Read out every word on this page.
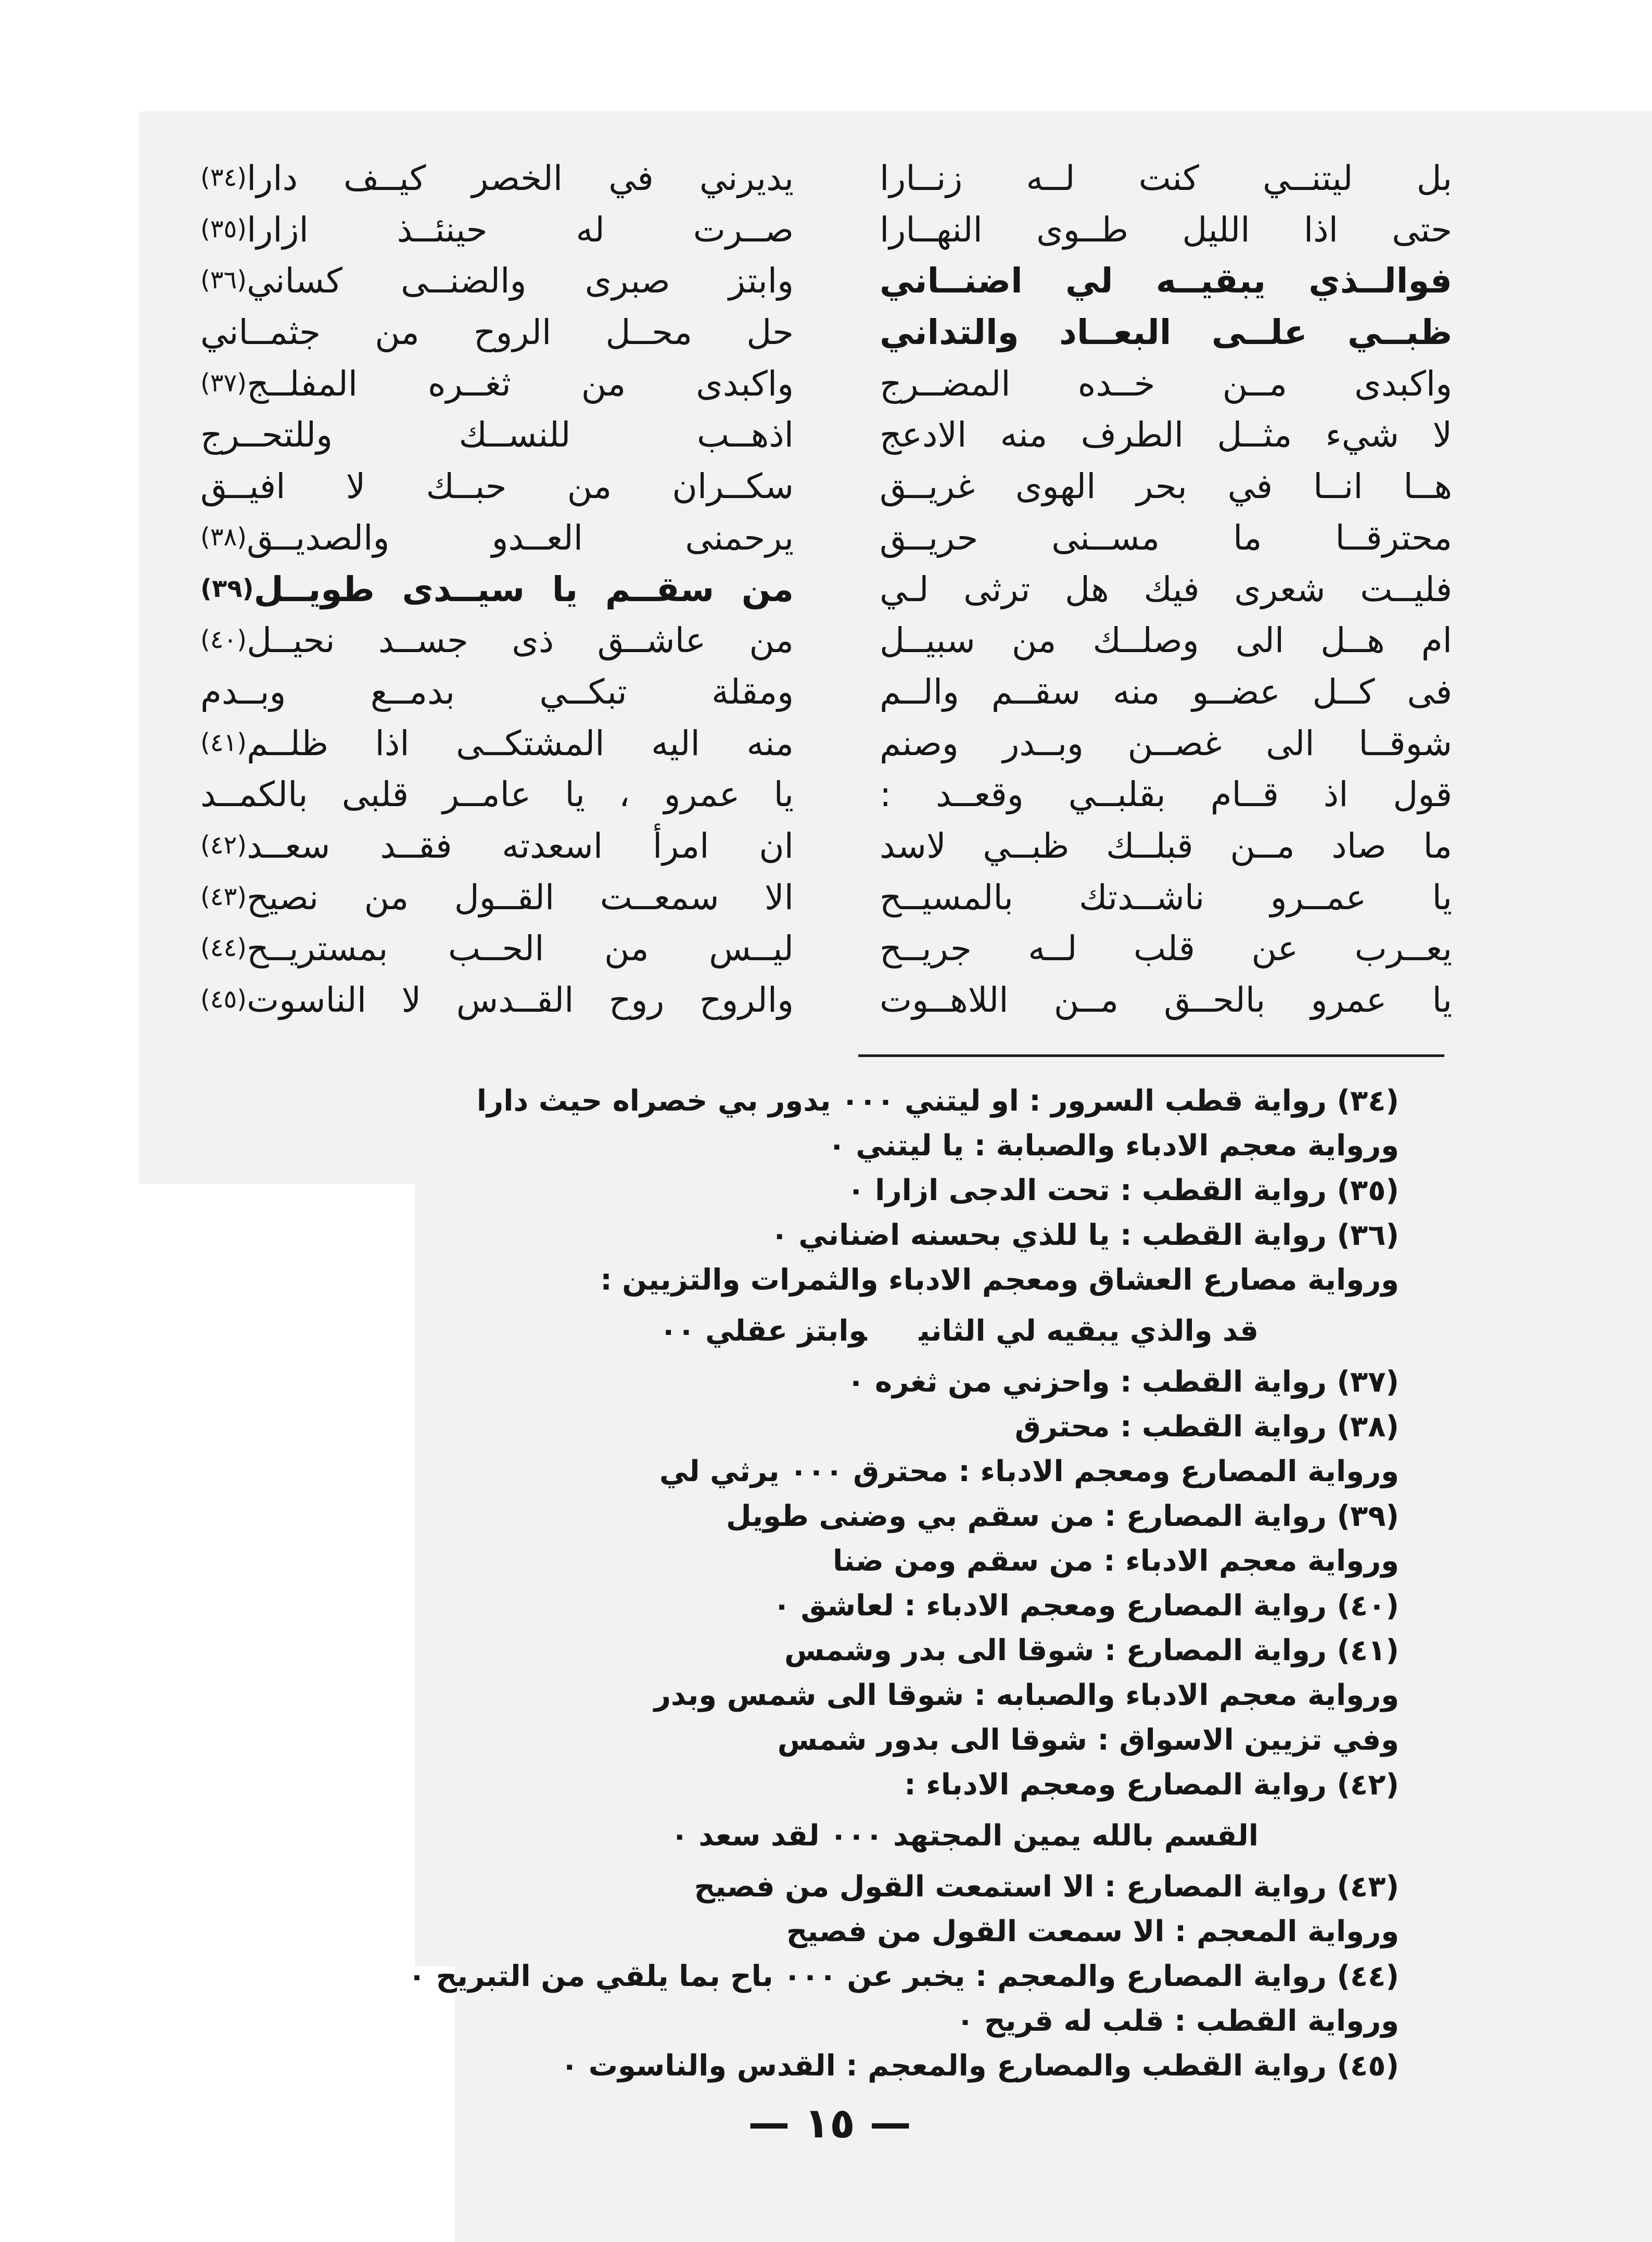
بل ليتنــي كنت لــه زنــارا
حتى اذا الليل طــوى النهــارا
فوالــذي يبقيــه لي اضنــاني
ظبــي علــى البعــاد والتداني
واكبدى مــن خــده المضــرج
لا شيء مثــل الطرف منه الادعج
هــا انــا في بحر الهوى غريــق
محترقــا ما مســنى حريــق
فليــت شعرى فيك هل ترثى لـي
ام هــل الى وصلــك من سبيــل
فى كــل عضــو منه سقــم والــم
شوقــا الى غصــن وبــدر وصنم
قول اذ قــام بقلبــي وقعــد :
ما صاد مــن قبلــك ظبــي لاسد
يا عمــرو ناشــدتك بالمسيــح
يعــرب عن قلب لــه جريــح
يا عمرو بالحــق مــن اللاهــوت
يديرني في الخصر كيــف دارا
(٣٤)
صــرت له حينئــذ ازارا
(٣٥)
وابتز صبرى والضنــى كساني
(٣٦)
حل محــل الروح من جثمــاني
واكبدى من ثغــره المفلــج
(٣٧)
اذهــب للنســك وللتحــرج
سكــران من حبــك لا افيــق
يرحمنى العــدو والصديــق
(٣٨)
من سقــم يا سيــدى طويــل
(٣٩)
من عاشــق ذى جســد نحيــل
(٤٠)
ومقلة تبكــي بدمــع وبــدم
منه اليه المشتكــى اذا ظلــم
(٤١)
يا عمرو ، يا عامــر قلبى بالكمــد
ان امرأ اسعدته فقــد سعــد
(٤٢)
الا سمعــت القــول من نصيح
(٤٣)
ليــس من الحــب بمستريــح
(٤٤)
والروح روح القــدس لا الناسوت
(٤٥)
(٣٤) رواية قطب السرور : او ليتني ٠٠٠ يدور بي خصراه حيث دارا
ورواية معجم الادباء والصبابة : يا ليتني ٠
(٣٥) رواية القطب : تحت الدجى ازارا ٠
(٣٦) رواية القطب : يا للذي بحسنه اضناني ٠
ورواية مصارع العشاق ومعجم الادباء والثمرات والتزيين :
قد والذي يبقيه لي الثانيوابتز عقلي ٠٠
(٣٧) رواية القطب : واحزني من ثغره ٠
(٣٨) رواية القطب : محترق
ورواية المصارع ومعجم الادباء : محترق ٠٠٠ يرثي لي
(٣٩) رواية المصارع : من سقم بي وضنى طويل
ورواية معجم الادباء : من سقم ومن ضنا
(٤٠) رواية المصارع ومعجم الادباء : لعاشق ٠
(٤١) رواية المصارع : شوقا الى بدر وشمس
ورواية معجم الادباء والصبابه : شوقا الى شمس وبدر
وفي تزيين الاسواق : شوقا الى بدور شمس
(٤٢) رواية المصارع ومعجم الادباء :
القسم بالله يمين المجتهد ٠٠٠ لقد سعد ٠
(٤٣) رواية المصارع : الا استمعت القول من فصيح
ورواية المعجم : الا سمعت القول من فصيح
(٤٤) رواية المصارع والمعجم : يخبر عن ٠٠٠ باح بما يلقي من التبريح ٠
ورواية القطب : قلب له قريح ٠
(٤٥) رواية القطب والمصارع والمعجم : القدس والناسوت ٠
— ١٥ —
